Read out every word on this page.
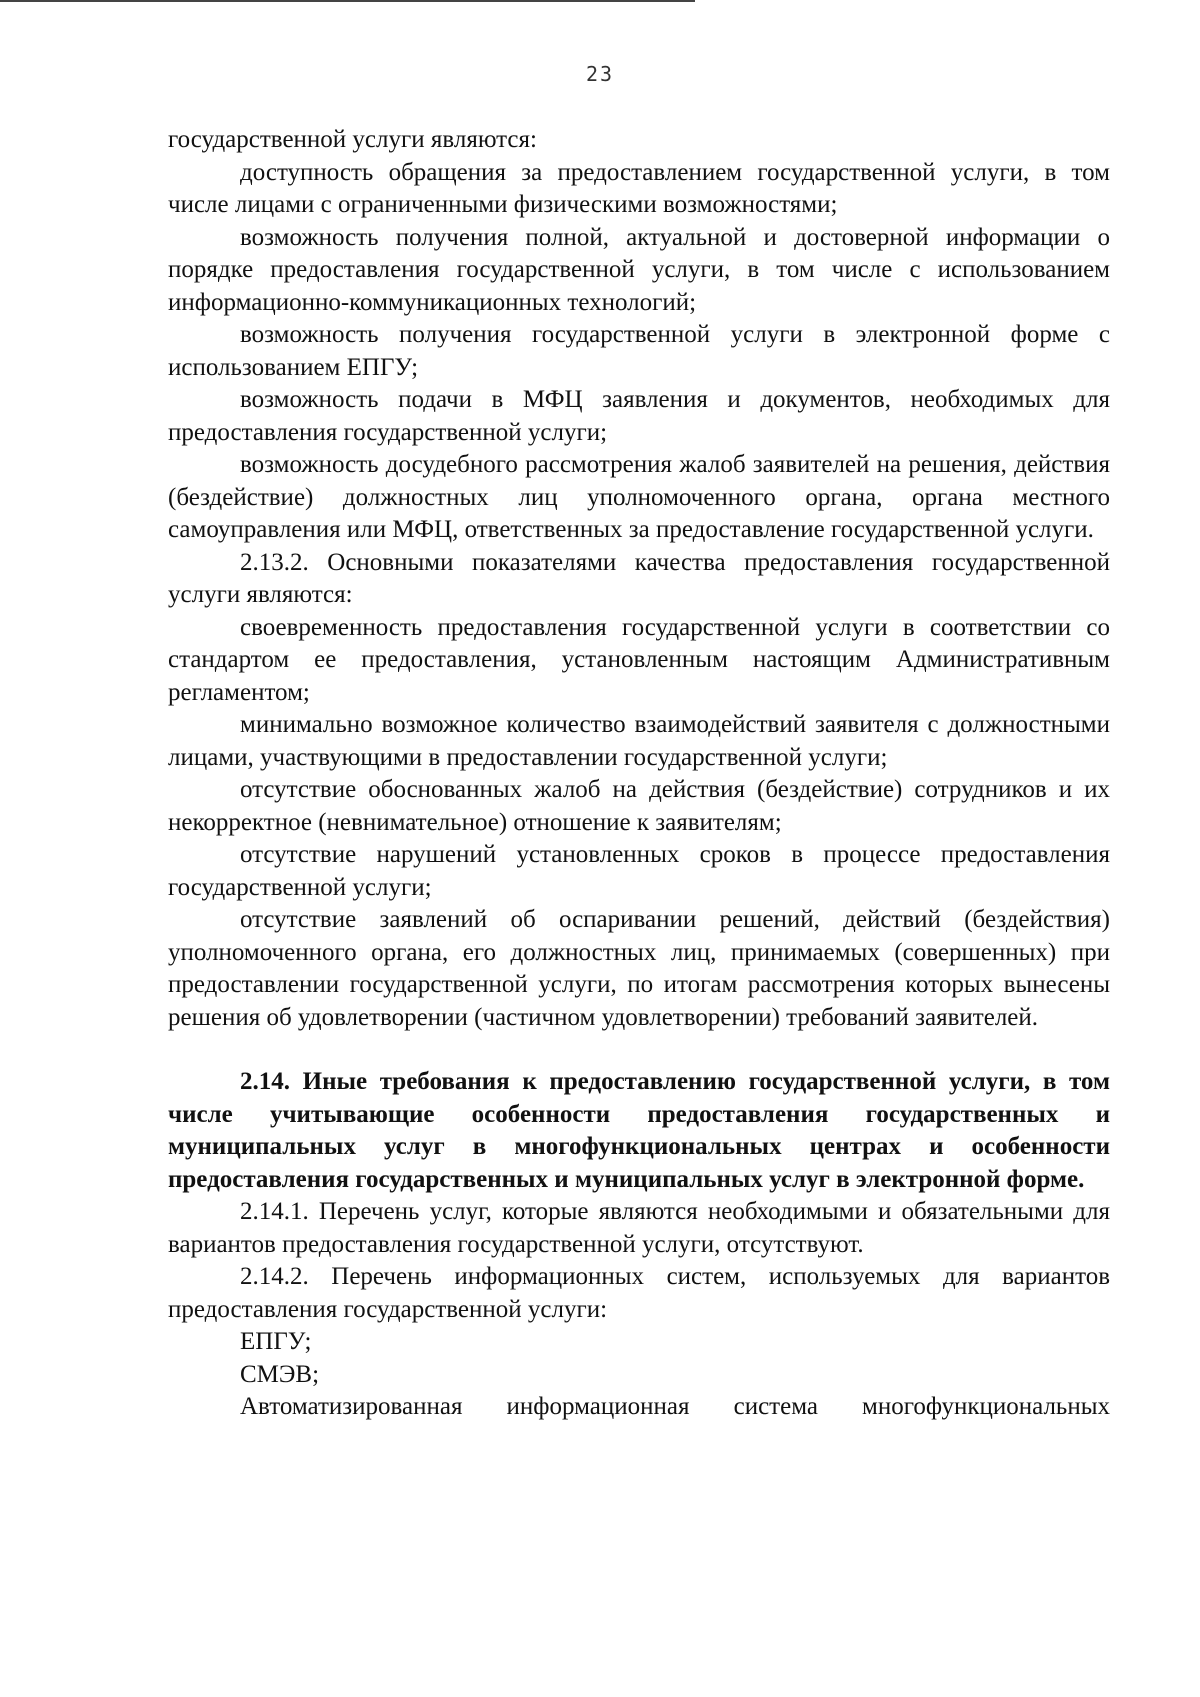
23

государственной услуги являются:

доступность обращения за предоставлением государственной услуги, в том числе лицами с ограниченными физическими возможностями;

возможность получения полной, актуальной и достоверной информации о порядке предоставления государственной услуги, в том числе с использованием информационно-коммуникационных технологий;

возможность получения государственной услуги в электронной форме с использованием ЕПГУ;

возможность подачи в МФЦ заявления и документов, необходимых для предоставления государственной услуги;

возможность досудебного рассмотрения жалоб заявителей на решения, действия (бездействие) должностных лиц уполномоченного органа, органа местного самоуправления или МФЦ, ответственных за предоставление государственной услуги.

2.13.2. Основными показателями качества предоставления государственной услуги являются:

своевременность предоставления государственной услуги в соответствии со стандартом ее предоставления, установленным настоящим Административным регламентом;

минимально возможное количество взаимодействий заявителя с должностными лицами, участвующими в предоставлении государственной услуги;

отсутствие обоснованных жалоб на действия (бездействие) сотрудников и их некорректное (невнимательное) отношение к заявителям;

отсутствие нарушений установленных сроков в процессе предоставления государственной услуги;

отсутствие заявлений об оспаривании решений, действий (бездействия) уполномоченного органа, его должностных лиц, принимаемых (совершенных) при предоставлении государственной услуги, по итогам рассмотрения которых вынесены решения об удовлетворении (частичном удовлетворении) требований заявителей.

2.14. Иные требования к предоставлению государственной услуги, в том числе учитывающие особенности предоставления государственных и муниципальных услуг в многофункциональных центрах и особенности предоставления государственных и муниципальных услуг в электронной форме.

2.14.1. Перечень услуг, которые являются необходимыми и обязательными для вариантов предоставления государственной услуги, отсутствуют.

2.14.2. Перечень информационных систем, используемых для вариантов предоставления государственной услуги:

ЕПГУ;

СМЭВ;

Автоматизированная информационная система многофункциональных
